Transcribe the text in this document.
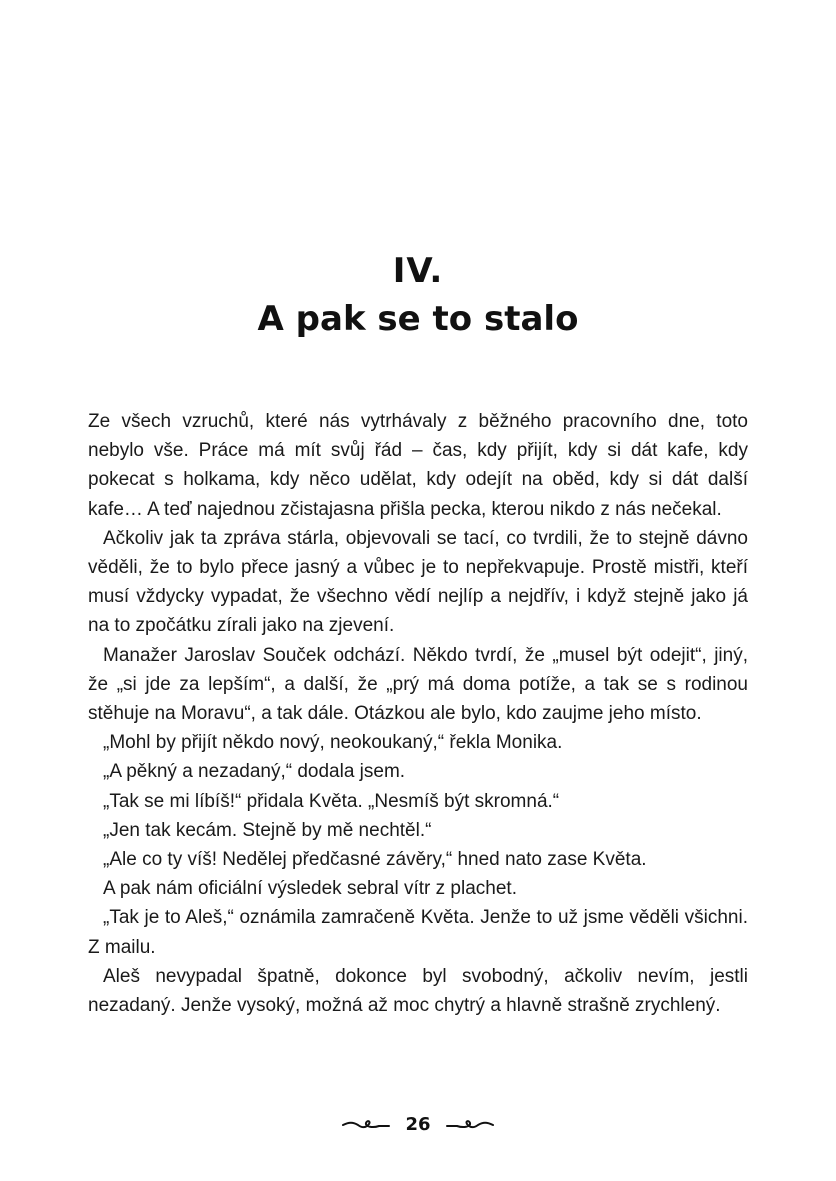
IV.
A pak se to stalo

Ze všech vzruchů, které nás vytrhávaly z běžného pracovního dne, toto nebylo vše. Práce má mít svůj řád – čas, kdy přijít, kdy si dát kafe, kdy pokecat s holkama, kdy něco udělat, kdy odejít na oběd, kdy si dát další kafe… A teď najednou zčistajasna přišla pecka, kterou nikdo z nás nečekal.

Ačkoliv jak ta zpráva stárla, objevovali se tací, co tvrdili, že to stejně dávno věděli, že to bylo přece jasný a vůbec je to nepřekvapuje. Prostě mistři, kteří musí vždycky vypadat, že všechno vědí nejlíp a nejdřív, i když stejně jako já na to zpočátku zírali jako na zjevení.

Manažer Jaroslav Souček odchází. Někdo tvrdí, že „musel být odejit“, jiný, že „si jde za lepším“, a další, že „prý má doma potíže, a tak se s rodinou stěhuje na Moravu“, a tak dále. Otázkou ale bylo, kdo zaujme jeho místo.

„Mohl by přijít někdo nový, neokoukaný,“ řekla Monika.

„A pěkný a nezadaný,“ dodala jsem.

„Tak se mi líbíš!“ přidala Květa. „Nesmíš být skromná.“

„Jen tak kecám. Stejně by mě nechtěl.“

„Ale co ty víš! Nedělej předčasné závěry,“ hned nato zase Květa.

A pak nám oficiální výsledek sebral vítr z plachet.

„Tak je to Aleš,“ oznámila zamračeně Květa. Jenže to už jsme věděli všichni. Z mailu.

Aleš nevypadal špatně, dokonce byl svobodný, ačkoliv nevím, jestli nezadaný. Jenže vysoký, možná až moc chytrý a hlavně strašně zrychlený.

26
